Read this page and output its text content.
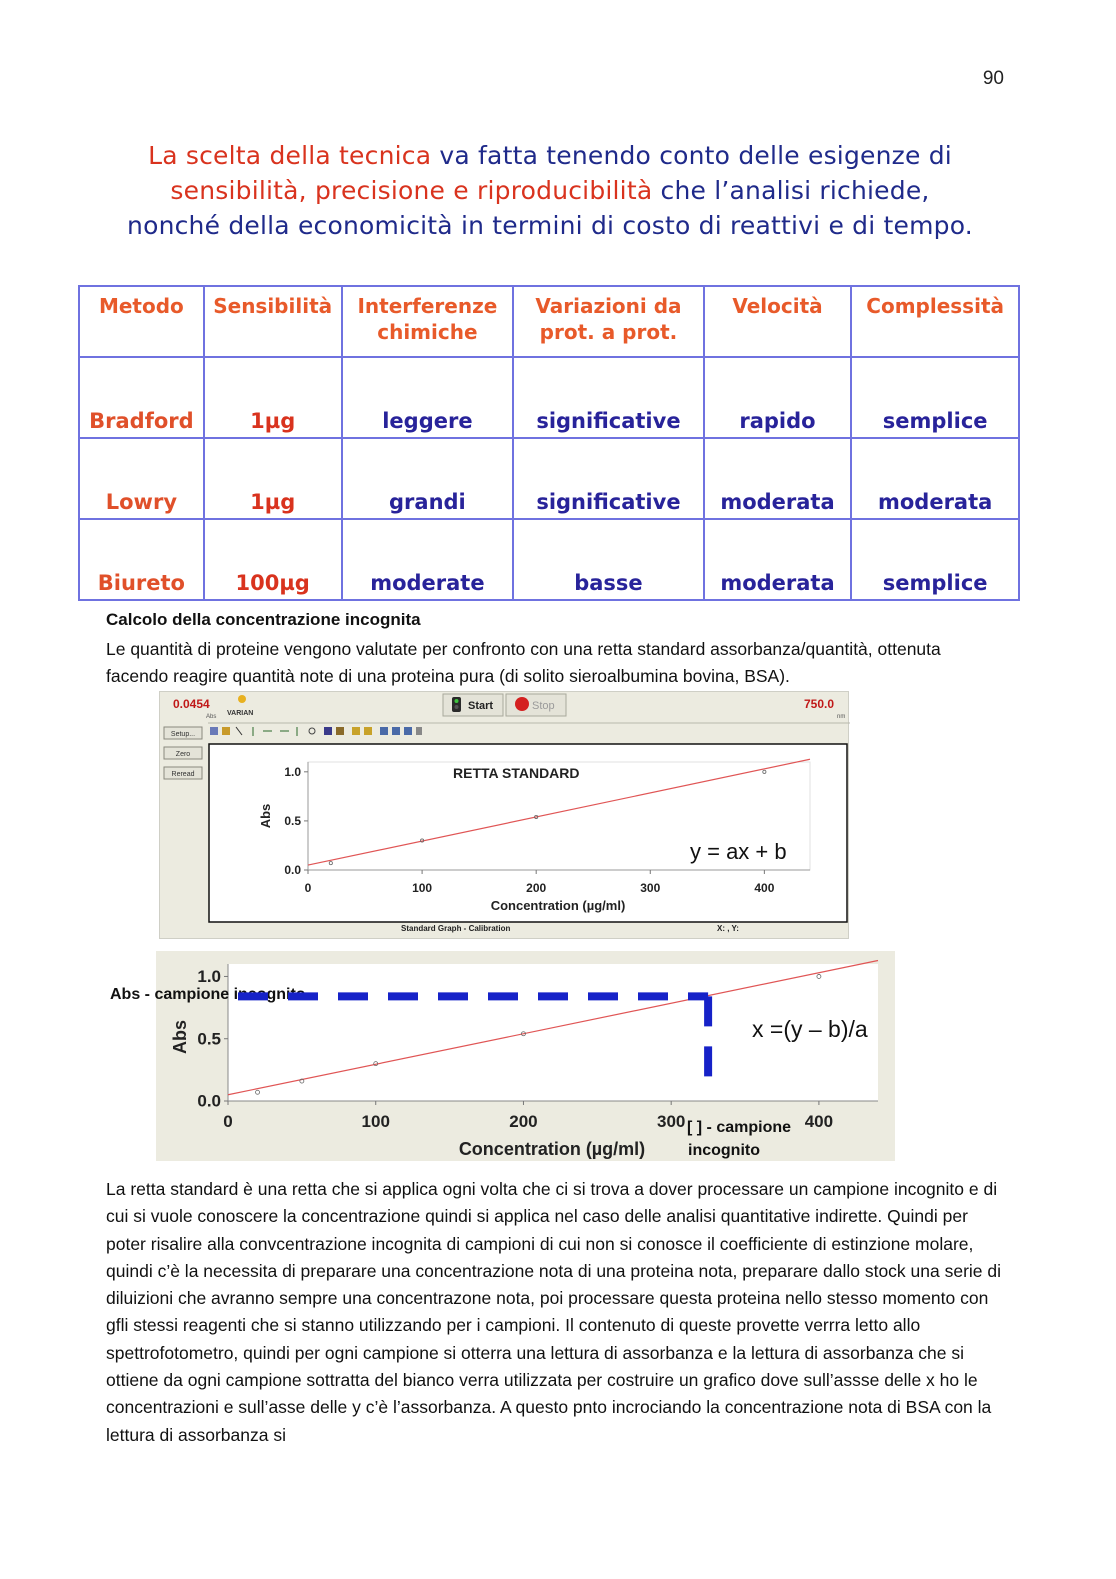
90
La scelta della tecnica va fatta tenendo conto delle esigenze di
sensibilità, precisione e riproducibilità che l’analisi richiede,
nonché della economicità in termini di costo di reattivi e di tempo.
Metodo	Sensibilità	Interferenze chimiche	Variazioni da prot. a prot.	Velocità	Complessità
Bradford	1µg	leggere	significative	rapido	semplice
Lowry	1µg	grandi	significative	moderata	moderata
Biureto	100µg	moderate	basse	moderata	semplice
Calcolo della concentrazione incognita
Le quantità di proteine vengono valutate per confronto con una retta standard assorbanza/quantità, ottenuta facendo reagire quantità note di una proteina pura (di solito sieroalbumina bovina, BSA).
0.0454
Abs VARIAN
Start	Stop	750.0
nm
Setup...
Zero
Reread	RETTA STANDARD
Concentration (µg/ml)
Abs
y = ax + b
0	100	200	300	400
0.0
0.5
1.0
Standard Graph - Calibration	X: , Y:
Abs
Concentration (µg/ml)
Abs - campione incognito
x =(y – b)/a
[ ] - campione
incognito
0	100	200	300	400
0.0
0.5
1.0
La retta standard è una retta che si applica ogni volta che ci si trova a dover processare un campione incognito e di cui si vuole conoscere la concentrazione quindi si applica nel caso delle analisi quantitative indirette. Quindi per poter risalire alla convcentrazione incognita di campioni di cui non si conosce il coefficiente di estinzione molare, quindi c’è la necessita di preparare una concentrazione nota di una proteina nota, preparare dallo stock una serie di diluizioni che avranno sempre una concentrazone nota, poi processare questa proteina nello stesso momento con gfli stessi reagenti che si stanno utilizzando per i campioni. Il contenuto di queste provette verrra letto allo spettrofotometro, quindi per ogni campione si otterra una lettura di assorbanza e la lettura di assorbanza che si ottiene da ogni campione sottratta del bianco verra utilizzata per costruire un grafico dove sull’assse delle x ho le concentrazioni e sull’asse delle y c’è l’assorbanza. A questo pnto incrociando la concentrazione nota di BSA con la lettura di assorbanza si
